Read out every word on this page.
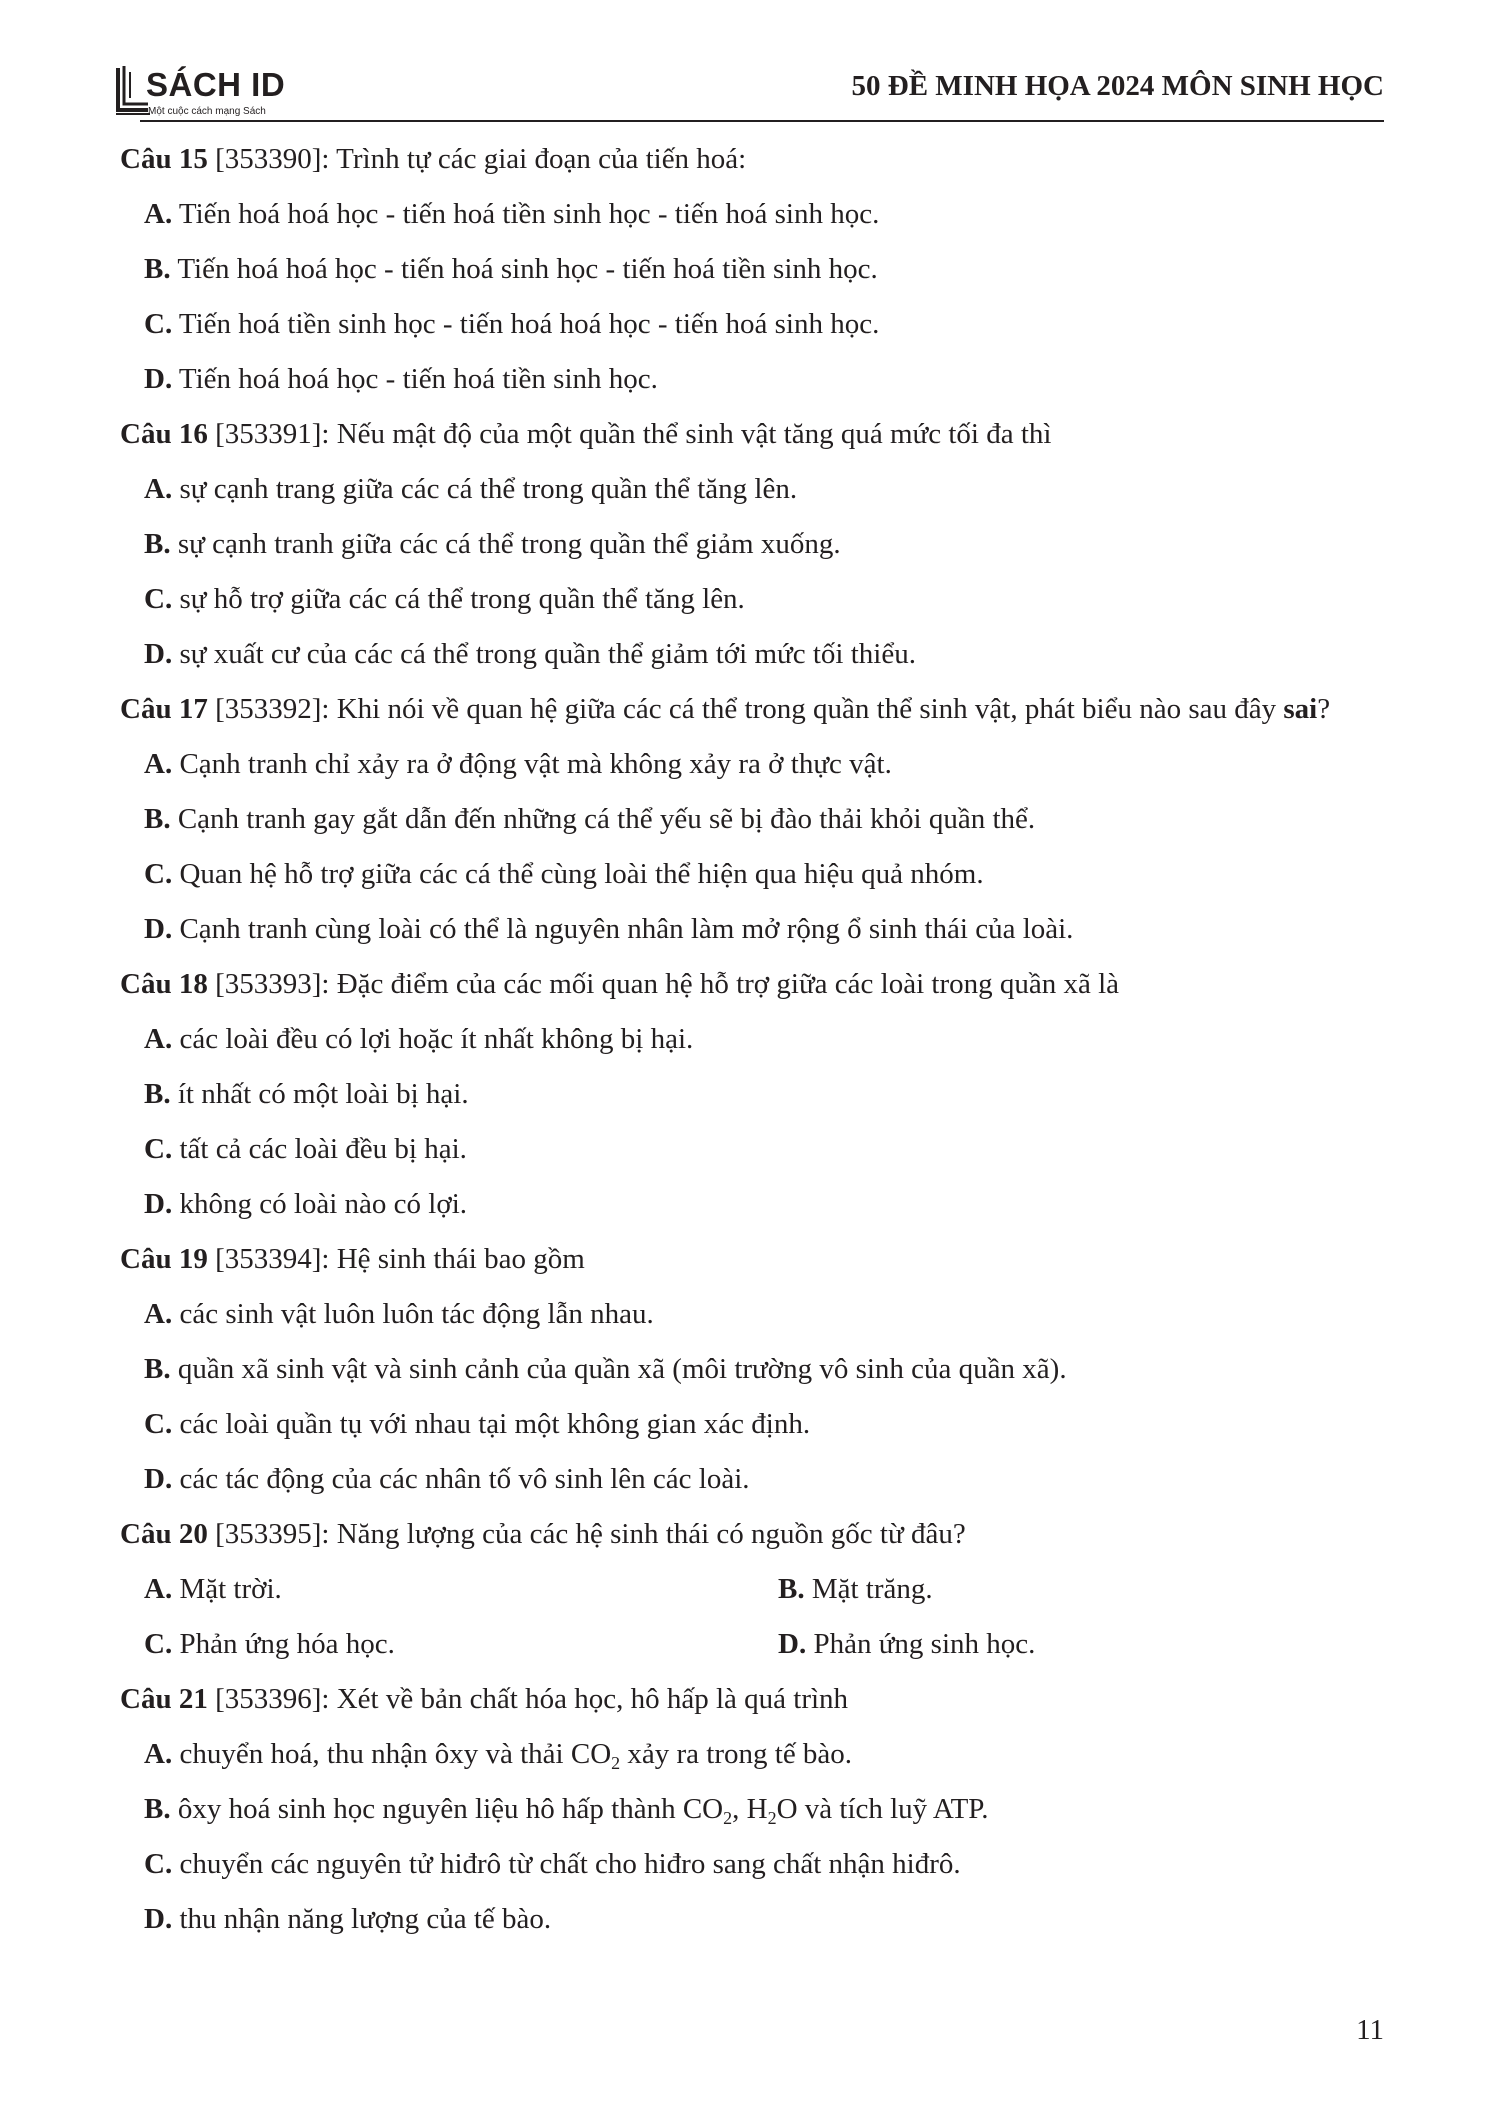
SÁCH ID
Một cuộc cách mạng Sách
50 ĐỀ MINH HỌA 2024 MÔN SINH HỌC
Câu 15 [353390]: Trình tự các giai đoạn của tiến hoá:
A. Tiến hoá hoá học - tiến hoá tiền sinh học - tiến hoá sinh học.
B. Tiến hoá hoá học - tiến hoá sinh học - tiến hoá tiền sinh học.
C. Tiến hoá tiền sinh học - tiến hoá hoá học - tiến hoá sinh học.
D. Tiến hoá hoá học - tiến hoá tiền sinh học.
Câu 16 [353391]: Nếu mật độ của một quần thể sinh vật tăng quá mức tối đa thì
A. sự cạnh trang giữa các cá thể trong quần thể tăng lên.
B. sự cạnh tranh giữa các cá thể trong quần thể giảm xuống.
C. sự hỗ trợ giữa các cá thể trong quần thể tăng lên.
D. sự xuất cư của các cá thể trong quần thể giảm tới mức tối thiểu.
Câu 17 [353392]: Khi nói về quan hệ giữa các cá thể trong quần thể sinh vật, phát biểu nào sau đây sai?
A. Cạnh tranh chỉ xảy ra ở động vật mà không xảy ra ở thực vật.
B. Cạnh tranh gay gắt dẫn đến những cá thể yếu sẽ bị đào thải khỏi quần thể.
C. Quan hệ hỗ trợ giữa các cá thể cùng loài thể hiện qua hiệu quả nhóm.
D. Cạnh tranh cùng loài có thể là nguyên nhân làm mở rộng ổ sinh thái của loài.
Câu 18 [353393]: Đặc điểm của các mối quan hệ hỗ trợ giữa các loài trong quần xã là
A. các loài đều có lợi hoặc ít nhất không bị hại.
B. ít nhất có một loài bị hại.
C. tất cả các loài đều bị hại.
D. không có loài nào có lợi.
Câu 19 [353394]: Hệ sinh thái bao gồm
A. các sinh vật luôn luôn tác động lẫn nhau.
B. quần xã sinh vật và sinh cảnh của quần xã (môi trường vô sinh của quần xã).
C. các loài quần tụ với nhau tại một không gian xác định.
D. các tác động của các nhân tố vô sinh lên các loài.
Câu 20 [353395]: Năng lượng của các hệ sinh thái có nguồn gốc từ đâu?
A. Mặt trời.	B. Mặt trăng.
C. Phản ứng hóa học.	D. Phản ứng sinh học.
Câu 21 [353396]: Xét về bản chất hóa học, hô hấp là quá trình
A. chuyển hoá, thu nhận ôxy và thải $CO_2$ xảy ra trong tế bào.
B. ôxy hoá sinh học nguyên liệu hô hấp thành $CO_2$, $H_2O$ và tích luỹ ATP.
C. chuyển các nguyên tử hiđrô từ chất cho hiđro sang chất nhận hiđrô.
D. thu nhận năng lượng của tế bào.
11
